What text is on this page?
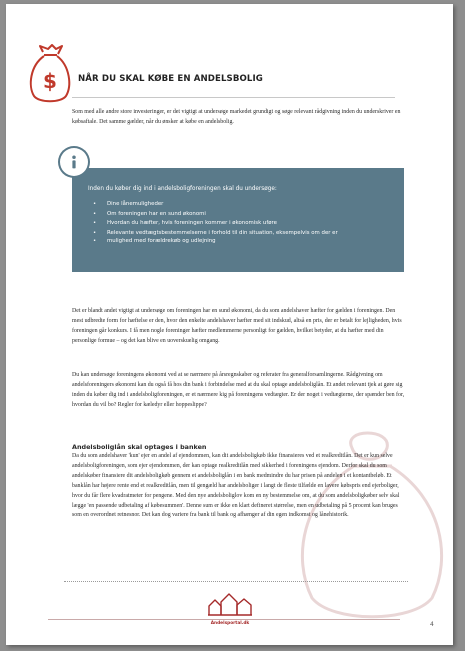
$ NÅR DU SKAL KØBE EN ANDELSBOLIG

Som med alle andre store investeringer, er det vigtigt at undersøge markedet grundigt og søge relevant rådgivning inden du underskriver en købsaftale. Det samme gælder, når du ønsker at købe en andelsbolig.

Inden du køber dig ind i andelsboligforeningen skal du undersøge:

• Dine lånemuligheder
• Om foreningen har en sund økonomi
• Hvordan du hæfter, hvis foreningen kommer i økonomisk uføre
• Relevante vedtægtsbestemmelserne i forhold til din situation, eksempelvis om der er
• mulighed med forældrekøb og udlejning

Det er blandt andet vigtigt at undersøge om foreningen har en sund økonomi, da du som andelshaver hæfter for gælden i foreningen. Den mest udbredte form for hæftelse er den, hvor den enkelte andelshaver hæfter med sit indskud, altså en pris, der er betalt for lejligheden, hvis foreningen går konkurs. I få men nogle foreninger hæfter medlemmerne personligt for gælden, hvilket betyder, at du hæfter med din personlige formue – og det kan blive en uoverskuelig omgang.

Du kan undersøge foreningens økonomi ved at se nærmere på årsregnskaber og referater fra generalforsamlingerne. Rådgivning om andelsforeningers økonomi kan du også få hos din bank i forbindelse med at du skal optage andelsboliglån. Et andet relevant tjek at gøre sig inden du køber dig ind i andelsboligforeningen, er et nærmere kig på foreningens vedtægter. Er der noget i vedtægterne, der spænder ben for, hvordan du vil bo? Regler for kæledyr eller hoppeslippe?

Andelsboliglån skal optages i banken

Da du som andelshaver 'kun' ejer en andel af ejendommen, kan dit andelsboligkøb ikke finansieres ved et realkreditlån. Det er kun selve andelsboligforeningen, som ejer ejendommen, der kan optage realkreditlån med sikkerhed i foreningens ejendom. Derfor skal du som andelskøber finansiere dit andelsboligkøb gennem et andelsboliglån i en bank medmindre du har prisen på andelen i et kontantbeløb. Et banklån har højere rente end et realkreditlån, men til gengæld har andelsboliger i langt de fleste tilfælde en lavere købspris end ejerboliger, hvor du får flere kvadratmeter for pengene. Med den nye andelsboliglov kom en ny bestemmelse om, at du som andelsboligkøber selv skal lægge 'en passende udbetaling af købesummen'. Denne sum er ikke en klart defineret størrelse, men en udbetaling på 5 procent kan bruges som en overordnet retnesnor. Det kan dog variere fra bank til bank og afhænger af din egen indkomst og lånehistorik.

Andelsportal.dk	4
